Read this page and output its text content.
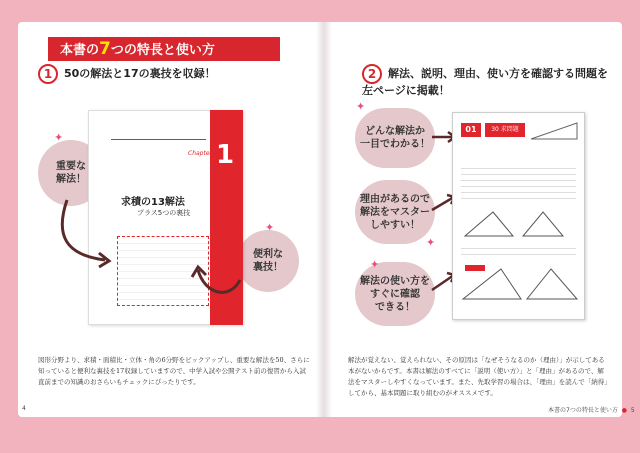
本書の7つの特長と使い方
1 50の解法と17の裏技を収録！
重要な
解法！
便利な
裏技！
求積の13解法
プラス5つの裏技
Chapter 1
図形分野より、求積・面積比・立体・角の6分野をピックアップし、重要な解法を50、さらに知っていると便利な裏技を17収録していますので、中学入試や公開テスト前の復習から入試直前までの知識のおさらいもチェックにぴったりです。
4
2 解法、説明、理由、使い方を確認する問題を左ページに掲載！
どんな解法か
一目でわかる！
理由があるので
解法をマスター
しやすい！
解法の使い方を
すぐに確認
できる！
01	30 求問題
✦
✦
✦
✦
✦
解法が覚えない、覚えられない、その原因は「なぜそうなるのか（理由）」が示してある本がないからです。本書は解法のすべてに「説明（使い方）」と「理由」があるので、解法をマスターしやすくなっています。また、先取学習の場合は、「理由」を読んで「納得」してから、基本問題に取り組むのがオススメです。
本書の7つの特長と使い方 ● 5
